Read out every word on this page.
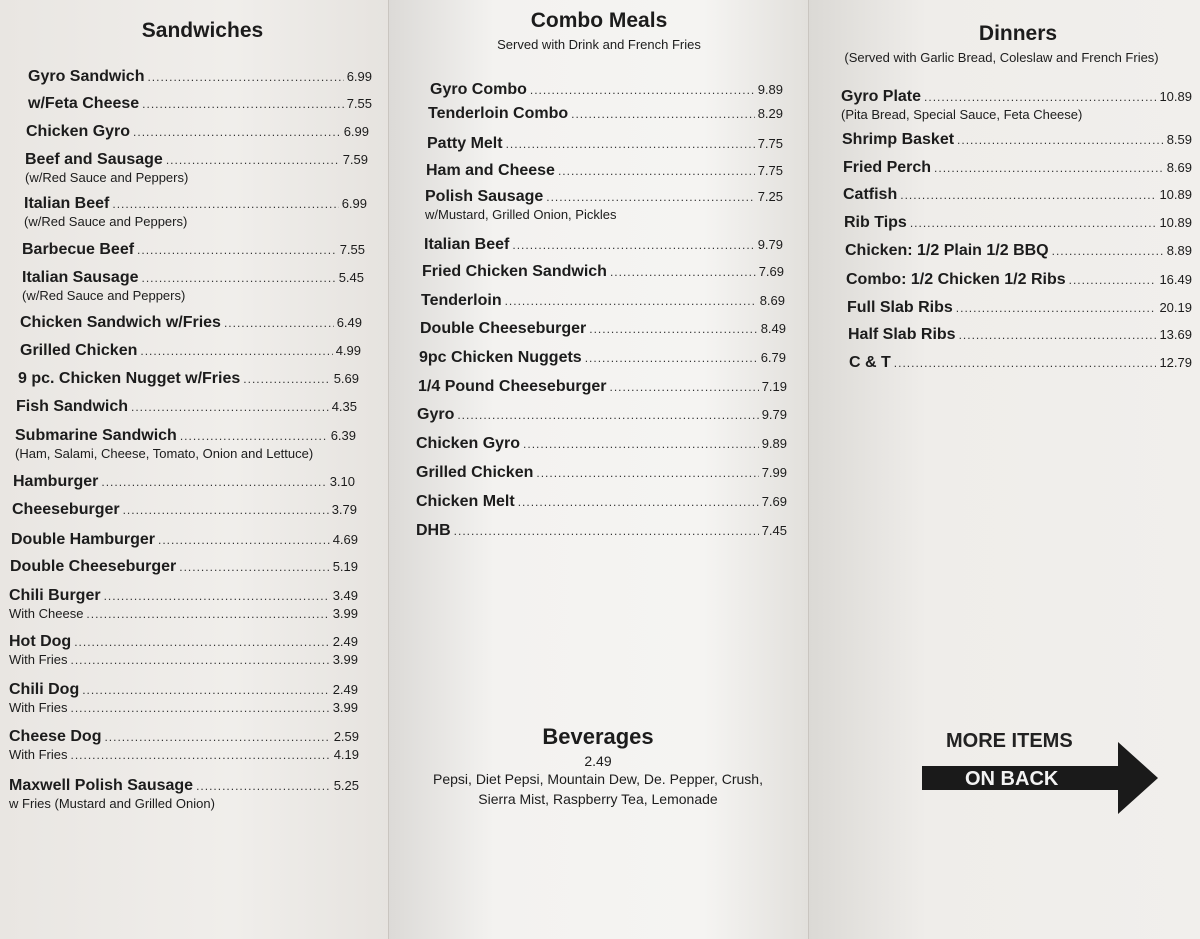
Sandwiches	Combo Meals
Served with Drink and French Fries	Dinners
(Served with Garlic Bread, Coleslaw and French Fries)
Gyro Sandwich .....	6.99
w/Feta Cheese .....	7.55
Chicken Gyro .....	6.99
Beef and Sausage .....	7.59
(w/Red Sauce and Peppers)
Italian Beef .....	6.99
(w/Red Sauce and Peppers)
Barbecue Beef .....	7.55
Italian Sausage .....	5.45
(w/Red Sauce and Peppers)
Chicken Sandwich w/Fries .....	6.49
Grilled Chicken .....	4.99
9 pc. Chicken Nugget w/Fries .....	5.69
Fish Sandwich .....	4.35
Submarine Sandwich .....	6.39
(Ham, Salami, Cheese, Tomato, Onion and Lettuce)
Hamburger .....	3.10
Cheeseburger .....	3.79
Double Hamburger .....	4.69
Double Cheeseburger .....	5.19
Chili Burger .....	3.49
With Cheese .....	3.99
Hot Dog .....	2.49
With Fries .....	3.99
Chili Dog .....	2.49
With Fries .....	3.99
Cheese Dog .....	2.59
With Fries .....	4.19
Maxwell Polish Sausage .....	5.25
w Fries (Mustard and Grilled Onion)
Gyro Combo .....	9.89
Tenderloin Combo .....	8.29
Patty Melt .....	7.75
Ham and Cheese .....	7.75
Polish Sausage .....	7.25
w/Mustard, Grilled Onion, Pickles
Italian Beef .....	9.79
Fried Chicken Sandwich .....	7.69
Tenderloin .....	8.69
Double Cheeseburger .....	8.49
9pc Chicken Nuggets .....	6.79
1/4 Pound Cheeseburger .....	7.19
Gyro .....	9.79
Chicken Gyro .....	9.89
Grilled Chicken .....	7.99
Chicken Melt .....	7.69
DHB .....	7.45
Gyro Plate .....	10.89
(Pita Bread, Special Sauce, Feta Cheese)
Shrimp Basket .....	8.59
Fried Perch .....	8.69
Catfish .....	10.89
Rib Tips .....	10.89
Chicken: 1/2 Plain 1/2 BBQ .....	8.89
Combo: 1/2 Chicken 1/2 Ribs .....	16.49
Full Slab Ribs .....	20.19
Half Slab Ribs .....	13.69
C & T .....	12.79
Beverages
2.49
Pepsi, Diet Pepsi, Mountain Dew, De. Pepper, Crush,
Sierra Mist, Raspberry Tea, Lemonade
MORE ITEMS
ON BACK
